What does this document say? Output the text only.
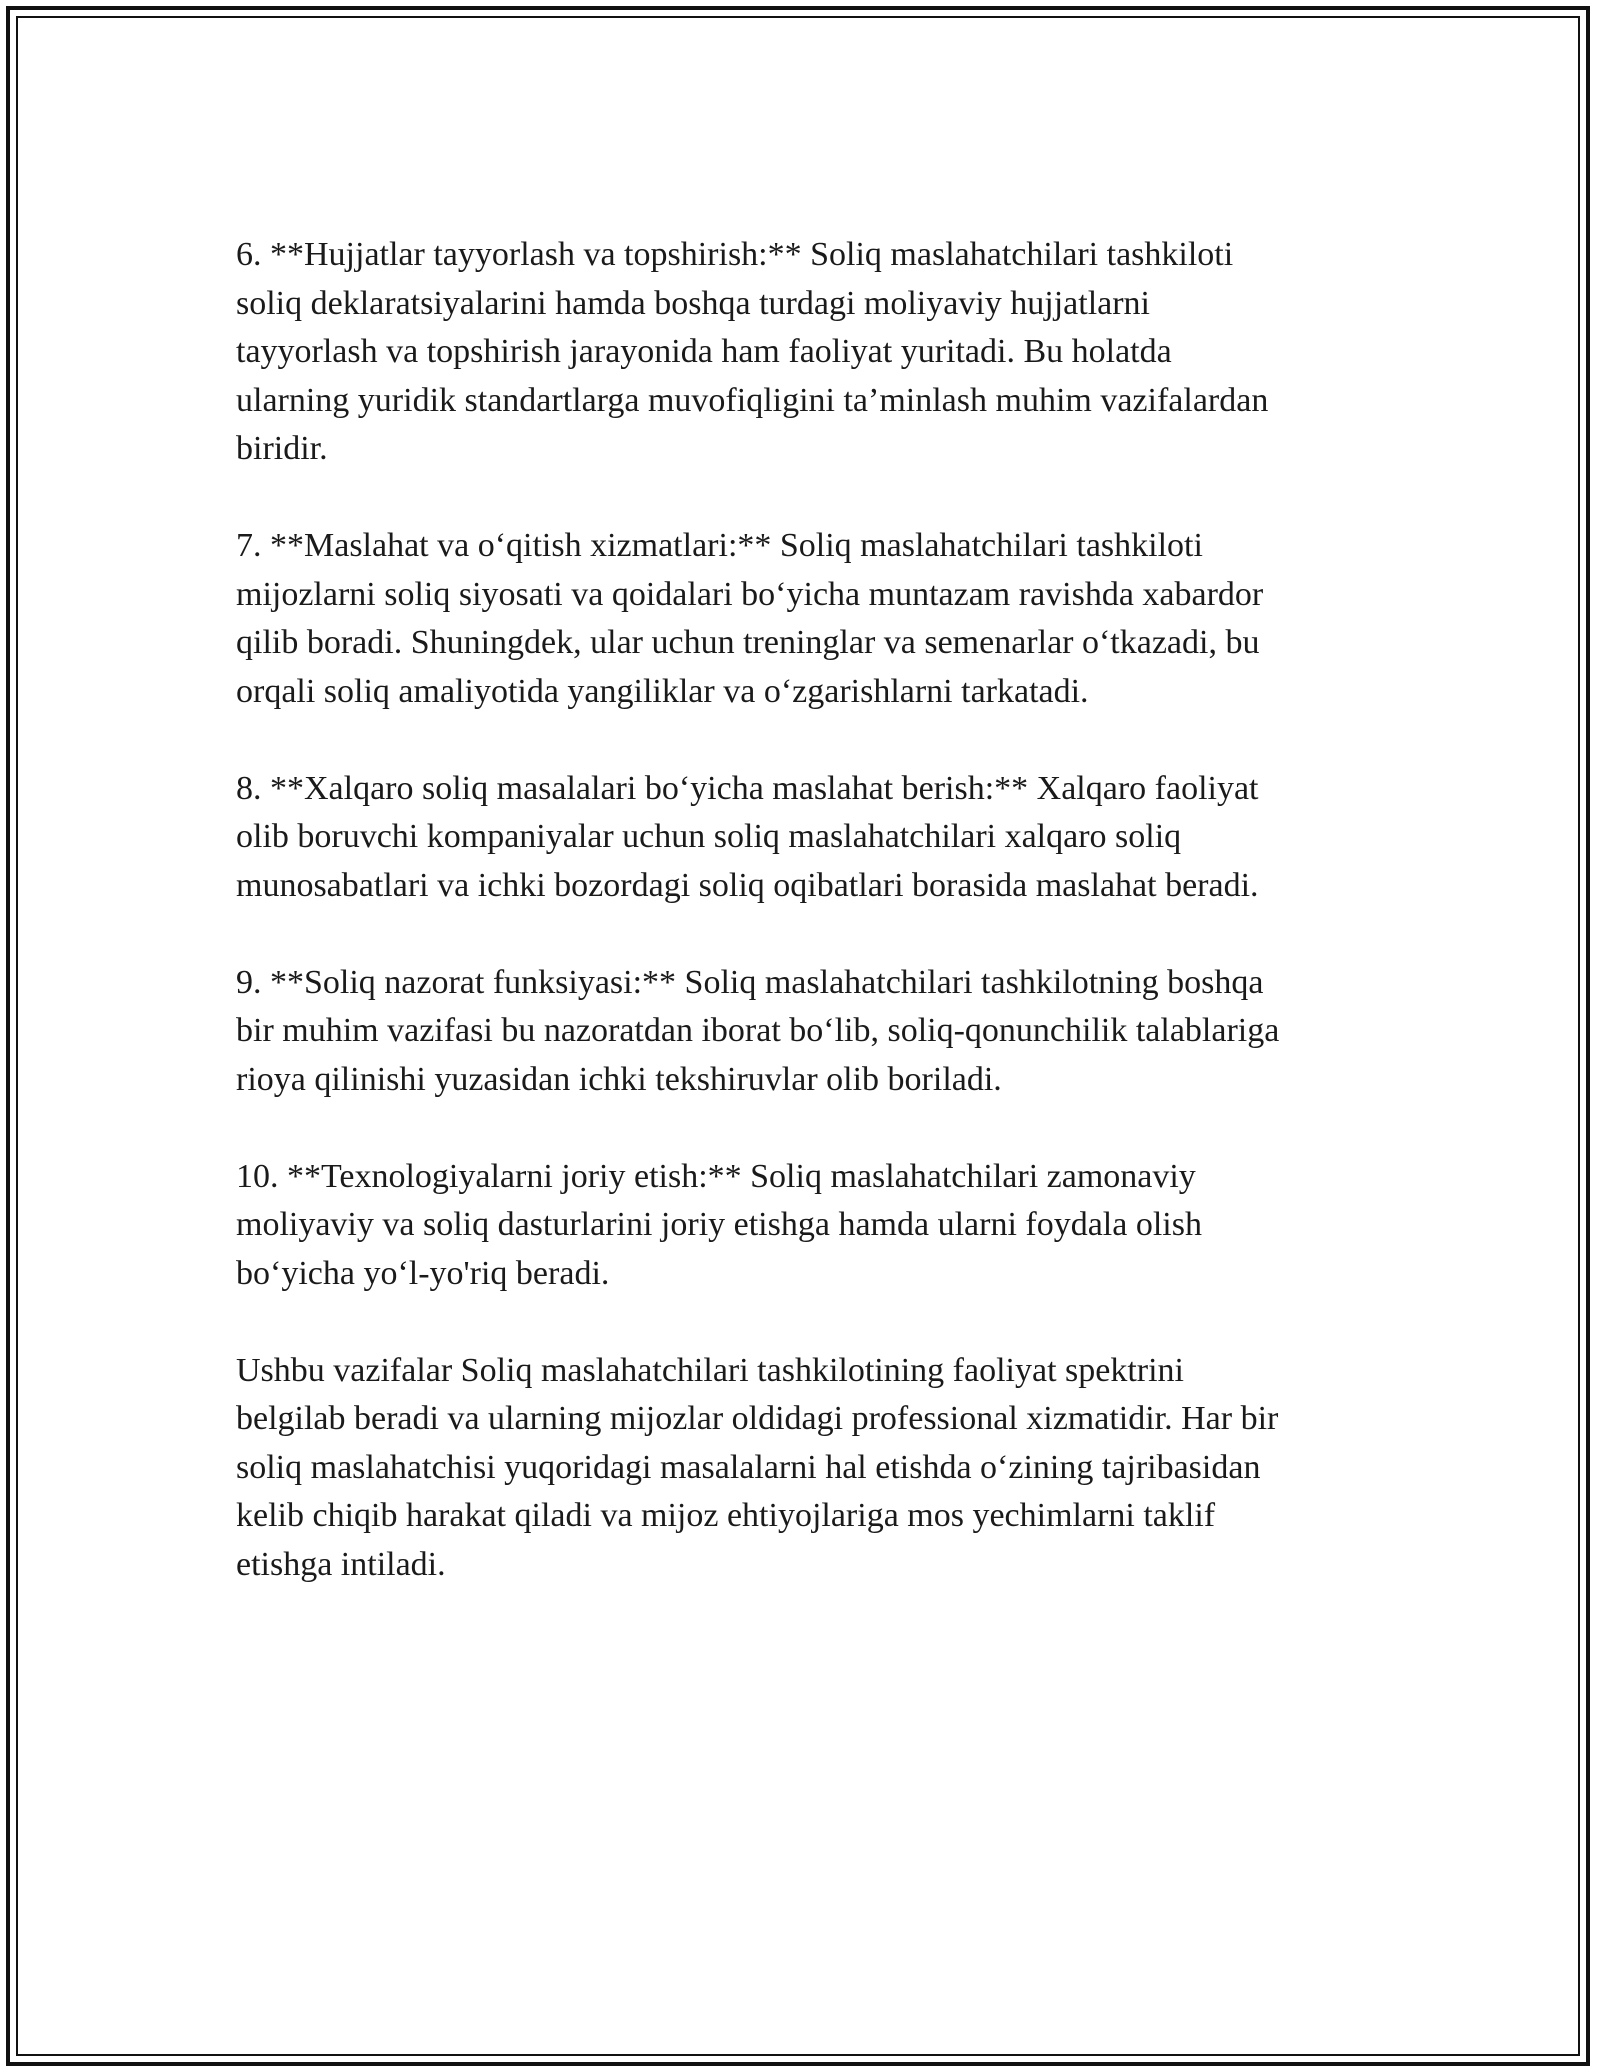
6. **Hujjatlar tayyorlash va topshirish:** Soliq maslahatchilari tashkiloti
soliq deklaratsiyalarini hamda boshqa turdagi moliyaviy hujjatlarni
tayyorlash va topshirish jarayonida ham faoliyat yuritadi. Bu holatda
ularning yuridik standartlarga muvofiqligini ta’minlash muhim vazifalardan
biridir.

7. **Maslahat va o‘qitish xizmatlari:** Soliq maslahatchilari tashkiloti
mijozlarni soliq siyosati va qoidalari bo‘yicha muntazam ravishda xabardor
qilib boradi. Shuningdek, ular uchun treninglar va semenarlar o‘tkazadi, bu
orqali soliq amaliyotida yangiliklar va o‘zgarishlarni tarkatadi.

8. **Xalqaro soliq masalalari bo‘yicha maslahat berish:** Xalqaro faoliyat
olib boruvchi kompaniyalar uchun soliq maslahatchilari xalqaro soliq
munosabatlari va ichki bozordagi soliq oqibatlari borasida maslahat beradi.

9. **Soliq nazorat funksiyasi:** Soliq maslahatchilari tashkilotning boshqa
bir muhim vazifasi bu nazoratdan iborat bo‘lib, soliq-qonunchilik talablariga
rioya qilinishi yuzasidan ichki tekshiruvlar olib boriladi.

10. **Texnologiyalarni joriy etish:** Soliq maslahatchilari zamonaviy
moliyaviy va soliq dasturlarini joriy etishga hamda ularni foydala olish
bo‘yicha yo‘l-yo'riq beradi.

Ushbu vazifalar Soliq maslahatchilari tashkilotining faoliyat spektrini
belgilab beradi va ularning mijozlar oldidagi professional xizmatidir. Har bir
soliq maslahatchisi yuqoridagi masalalarni hal etishda o‘zining tajribasidan
kelib chiqib harakat qiladi va mijoz ehtiyojlariga mos yechimlarni taklif
etishga intiladi.
